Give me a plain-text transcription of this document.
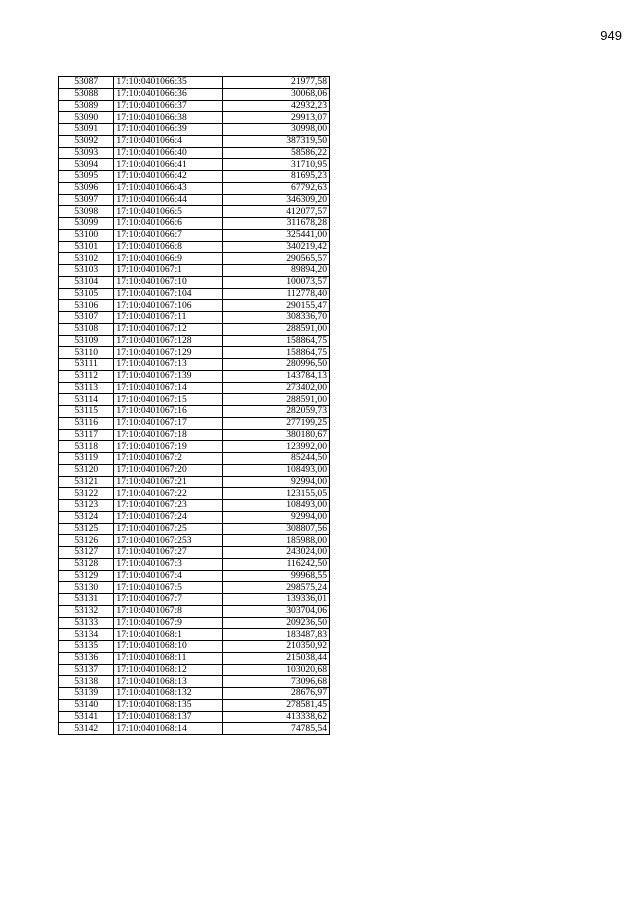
949
53087	17:10:0401066:35	21977,58
53088	17:10:0401066:36	30068,06
53089	17:10:0401066:37	42932,23
53090	17:10:0401066:38	29913,07
53091	17:10:0401066:39	30998,00
53092	17:10:0401066:4	387319,50
53093	17:10:0401066:40	58586,22
53094	17:10:0401066:41	31710,95
53095	17:10:0401066:42	81695,23
53096	17:10:0401066:43	67792,63
53097	17:10:0401066:44	346309,20
53098	17:10:0401066:5	412077,57
53099	17:10:0401066:6	311678,28
53100	17:10:0401066:7	325441,00
53101	17:10:0401066:8	340219,42
53102	17:10:0401066:9	290565,57
53103	17:10:0401067:1	89894,20
53104	17:10:0401067:10	100073,57
53105	17:10:0401067:104	112778,40
53106	17:10:0401067:106	290155,47
53107	17:10:0401067:11	308336,70
53108	17:10:0401067:12	288591,00
53109	17:10:0401067:128	158864,75
53110	17:10:0401067:129	158864,75
53111	17:10:0401067:13	280996,50
53112	17:10:0401067:139	143784,13
53113	17:10:0401067:14	273402,00
53114	17:10:0401067:15	288591,00
53115	17:10:0401067:16	282059,73
53116	17:10:0401067:17	277199,25
53117	17:10:0401067:18	380180,67
53118	17:10:0401067:19	123992,00
53119	17:10:0401067:2	85244,50
53120	17:10:0401067:20	108493,00
53121	17:10:0401067:21	92994,00
53122	17:10:0401067:22	123155,05
53123	17:10:0401067:23	108493,00
53124	17:10:0401067:24	92994,00
53125	17:10:0401067:25	308807,56
53126	17:10:0401067:253	185988,00
53127	17:10:0401067:27	243024,00
53128	17:10:0401067:3	116242,50
53129	17:10:0401067:4	99968,55
53130	17:10:0401067:5	298575,24
53131	17:10:0401067:7	139336,01
53132	17:10:0401067:8	303704,06
53133	17:10:0401067:9	209236,50
53134	17:10:0401068:1	183487,83
53135	17:10:0401068:10	210350,92
53136	17:10:0401068:11	215038,44
53137	17:10:0401068:12	103020,68
53138	17:10:0401068:13	73096,68
53139	17:10:0401068:132	28676,97
53140	17:10:0401068:135	278581,45
53141	17:10:0401068:137	413338,62
53142	17:10:0401068:14	74785,54
